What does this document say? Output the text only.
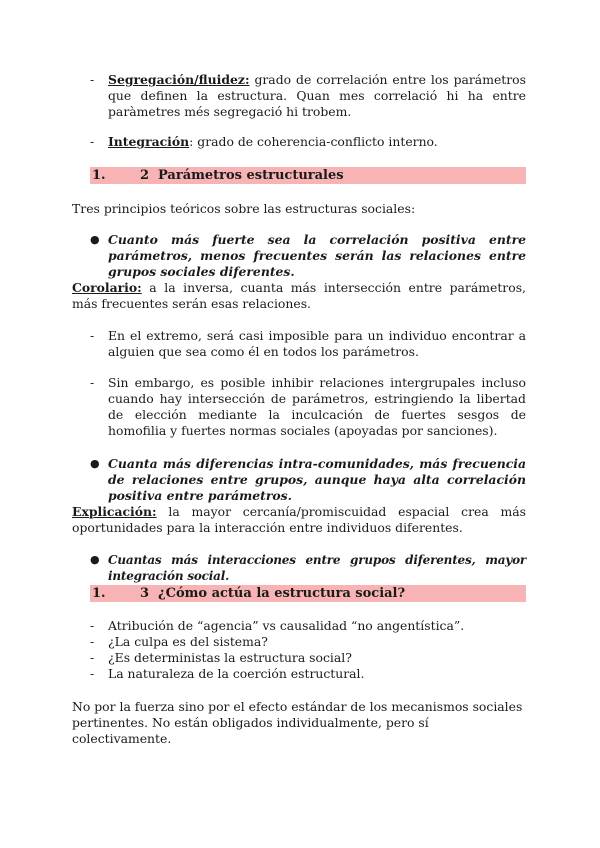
- Segregación/fluidez: grado de correlación entre los parámetros que definen la estructura. Quan mes correlació hi ha entre paràmetres més segregació hi trobem.
- Integración: grado de coherencia-conflicto interno.
1.	2 Parámetros estructurales
Tres principios teóricos sobre las estructuras sociales:
● Cuanto más fuerte sea la correlación positiva entre parámetros, menos frecuentes serán las relaciones entre grupos sociales diferentes.
Corolario: a la inversa, cuanta más intersección entre parámetros, más frecuentes serán esas relaciones.
- En el extremo, será casi imposible para un individuo encontrar a alguien que sea como él en todos los parámetros.
- Sin embargo, es posible inhibir relaciones intergrupales incluso cuando hay intersección de parámetros, estringiendo la libertad de elección mediante la inculcación de fuertes sesgos de homofilia y fuertes normas sociales (apoyadas por sanciones).
● Cuanta más diferencias intra-comunidades, más frecuencia de relaciones entre grupos, aunque haya alta correlación positiva entre parámetros.
Explicación: la mayor cercanía/promiscuidad espacial crea más oportunidades para la interacción entre individuos diferentes.
● Cuantas más interacciones entre grupos diferentes, mayor integración social.
1.	3 ¿Cómo actúa la estructura social?
- Atribución de “agencia” vs causalidad “no angentística”.
- ¿La culpa es del sistema?
- ¿Es deterministas la estructura social?
- La naturaleza de la coerción estructural.
No por la fuerza sino por el efecto estándar de los mecanismos sociales pertinentes. No están obligados individualmente, pero sí colectivamente.
